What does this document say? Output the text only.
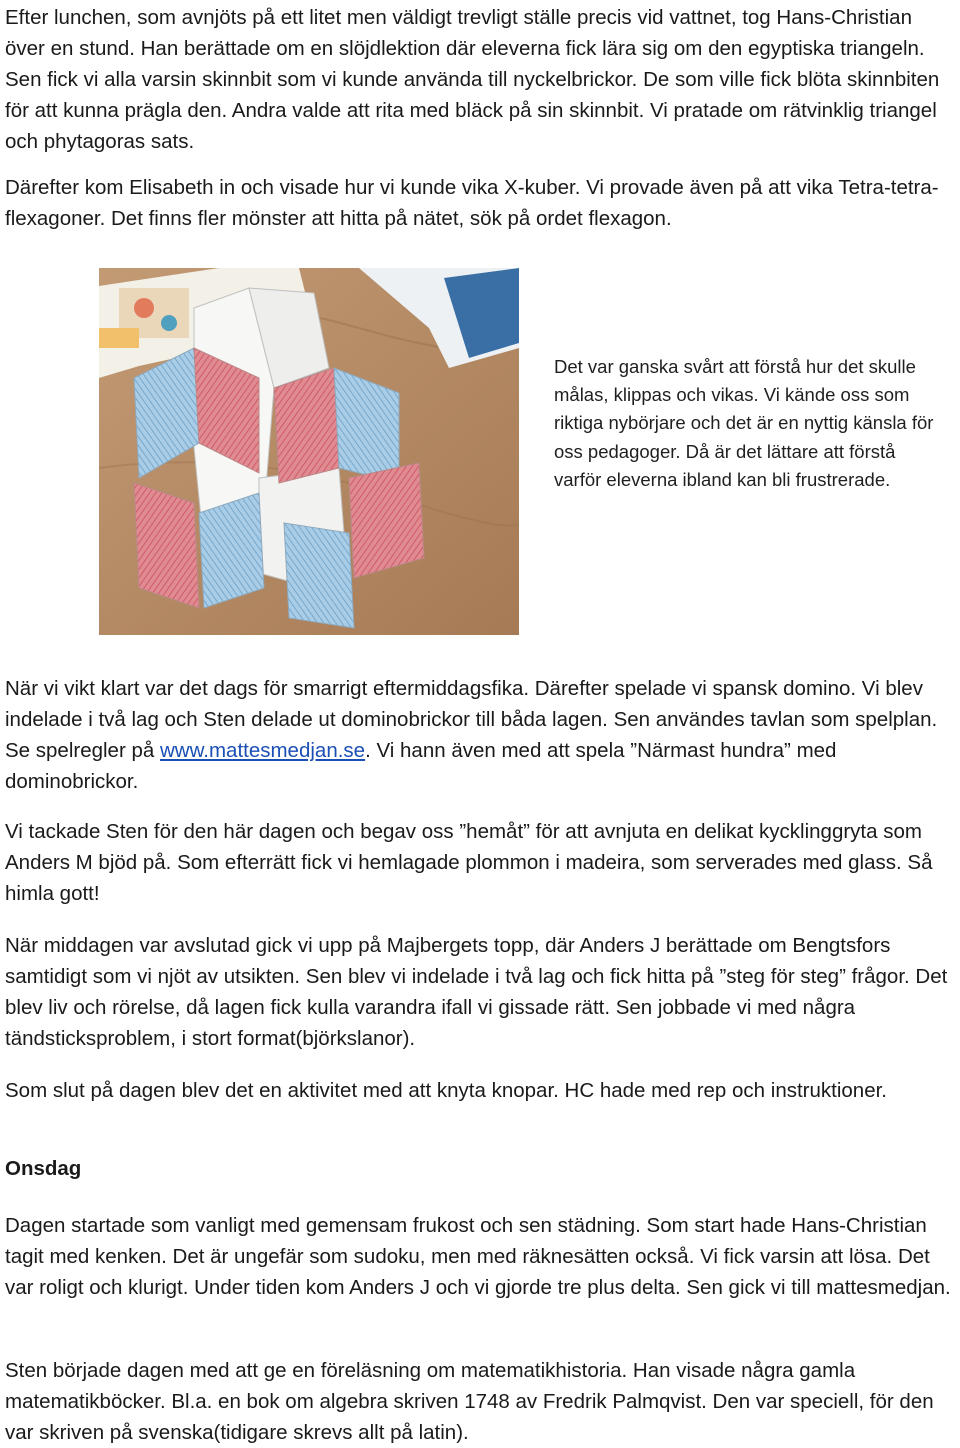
Efter lunchen, som avnjöts på ett litet men väldigt trevligt ställe precis vid vattnet, tog Hans-Christian över en stund. Han berättade om en slöjdlektion där eleverna fick lära sig om den egyptiska triangeln. Sen fick vi alla varsin skinnbit som vi kunde använda till nyckelbrickor. De som ville fick blöta skinnbiten för att kunna prägla den. Andra valde att rita med bläck på sin skinnbit. Vi pratade om rätvinklig triangel och phytagoras sats.

Därefter kom Elisabeth in och visade hur vi kunde vika X-kuber. Vi provade även på att vika Tetra-tetra-flexagoner. Det finns fler mönster att hitta på nätet, sök på ordet flexagon.

Det var ganska svårt att förstå hur det skulle målas, klippas och vikas. Vi kände oss som riktiga nybörjare och det är en nyttig känsla för oss pedagoger. Då är det lättare att förstå varför eleverna ibland kan bli frustrerade.

När vi vikt klart var det dags för smarrigt eftermiddagsfika. Därefter spelade vi spansk domino. Vi blev indelade i två lag och Sten delade ut dominobrickor till båda lagen. Sen användes tavlan som spelplan. Se spelregler på www.mattesmedjan.se. Vi hann även med att spela ”Närmast hundra” med dominobrickor.

Vi tackade Sten för den här dagen och begav oss ”hemåt” för att avnjuta en delikat kycklinggryta som Anders M bjöd på. Som efterrätt fick vi hemlagade plommon i madeira, som serverades med glass. Så himla gott!

När middagen var avslutad gick vi upp på Majbergets topp, där Anders J berättade om Bengtsfors samtidigt som vi njöt av utsikten. Sen blev vi indelade i två lag och fick hitta på ”steg för steg” frågor. Det blev liv och rörelse, då lagen fick kulla varandra ifall vi gissade rätt. Sen jobbade vi med några tändsticksproblem, i stort format(björkslanor).

Som slut på dagen blev det en aktivitet med att knyta knopar. HC hade med rep och instruktioner.

Onsdag

Dagen startade som vanligt med gemensam frukost och sen städning. Som start hade Hans-Christian tagit med kenken. Det är ungefär som sudoku, men med räknesätten också. Vi fick varsin att lösa. Det var roligt och klurigt. Under tiden kom Anders J och vi gjorde tre plus delta. Sen gick vi till mattesmedjan.

Sten började dagen med att ge en föreläsning om matematikhistoria. Han visade några gamla matematikböcker. Bl.a. en bok om algebra skriven 1748 av Fredrik Palmqvist. Den var speciell, för den var skriven på svenska(tidigare skrevs allt på latin).
